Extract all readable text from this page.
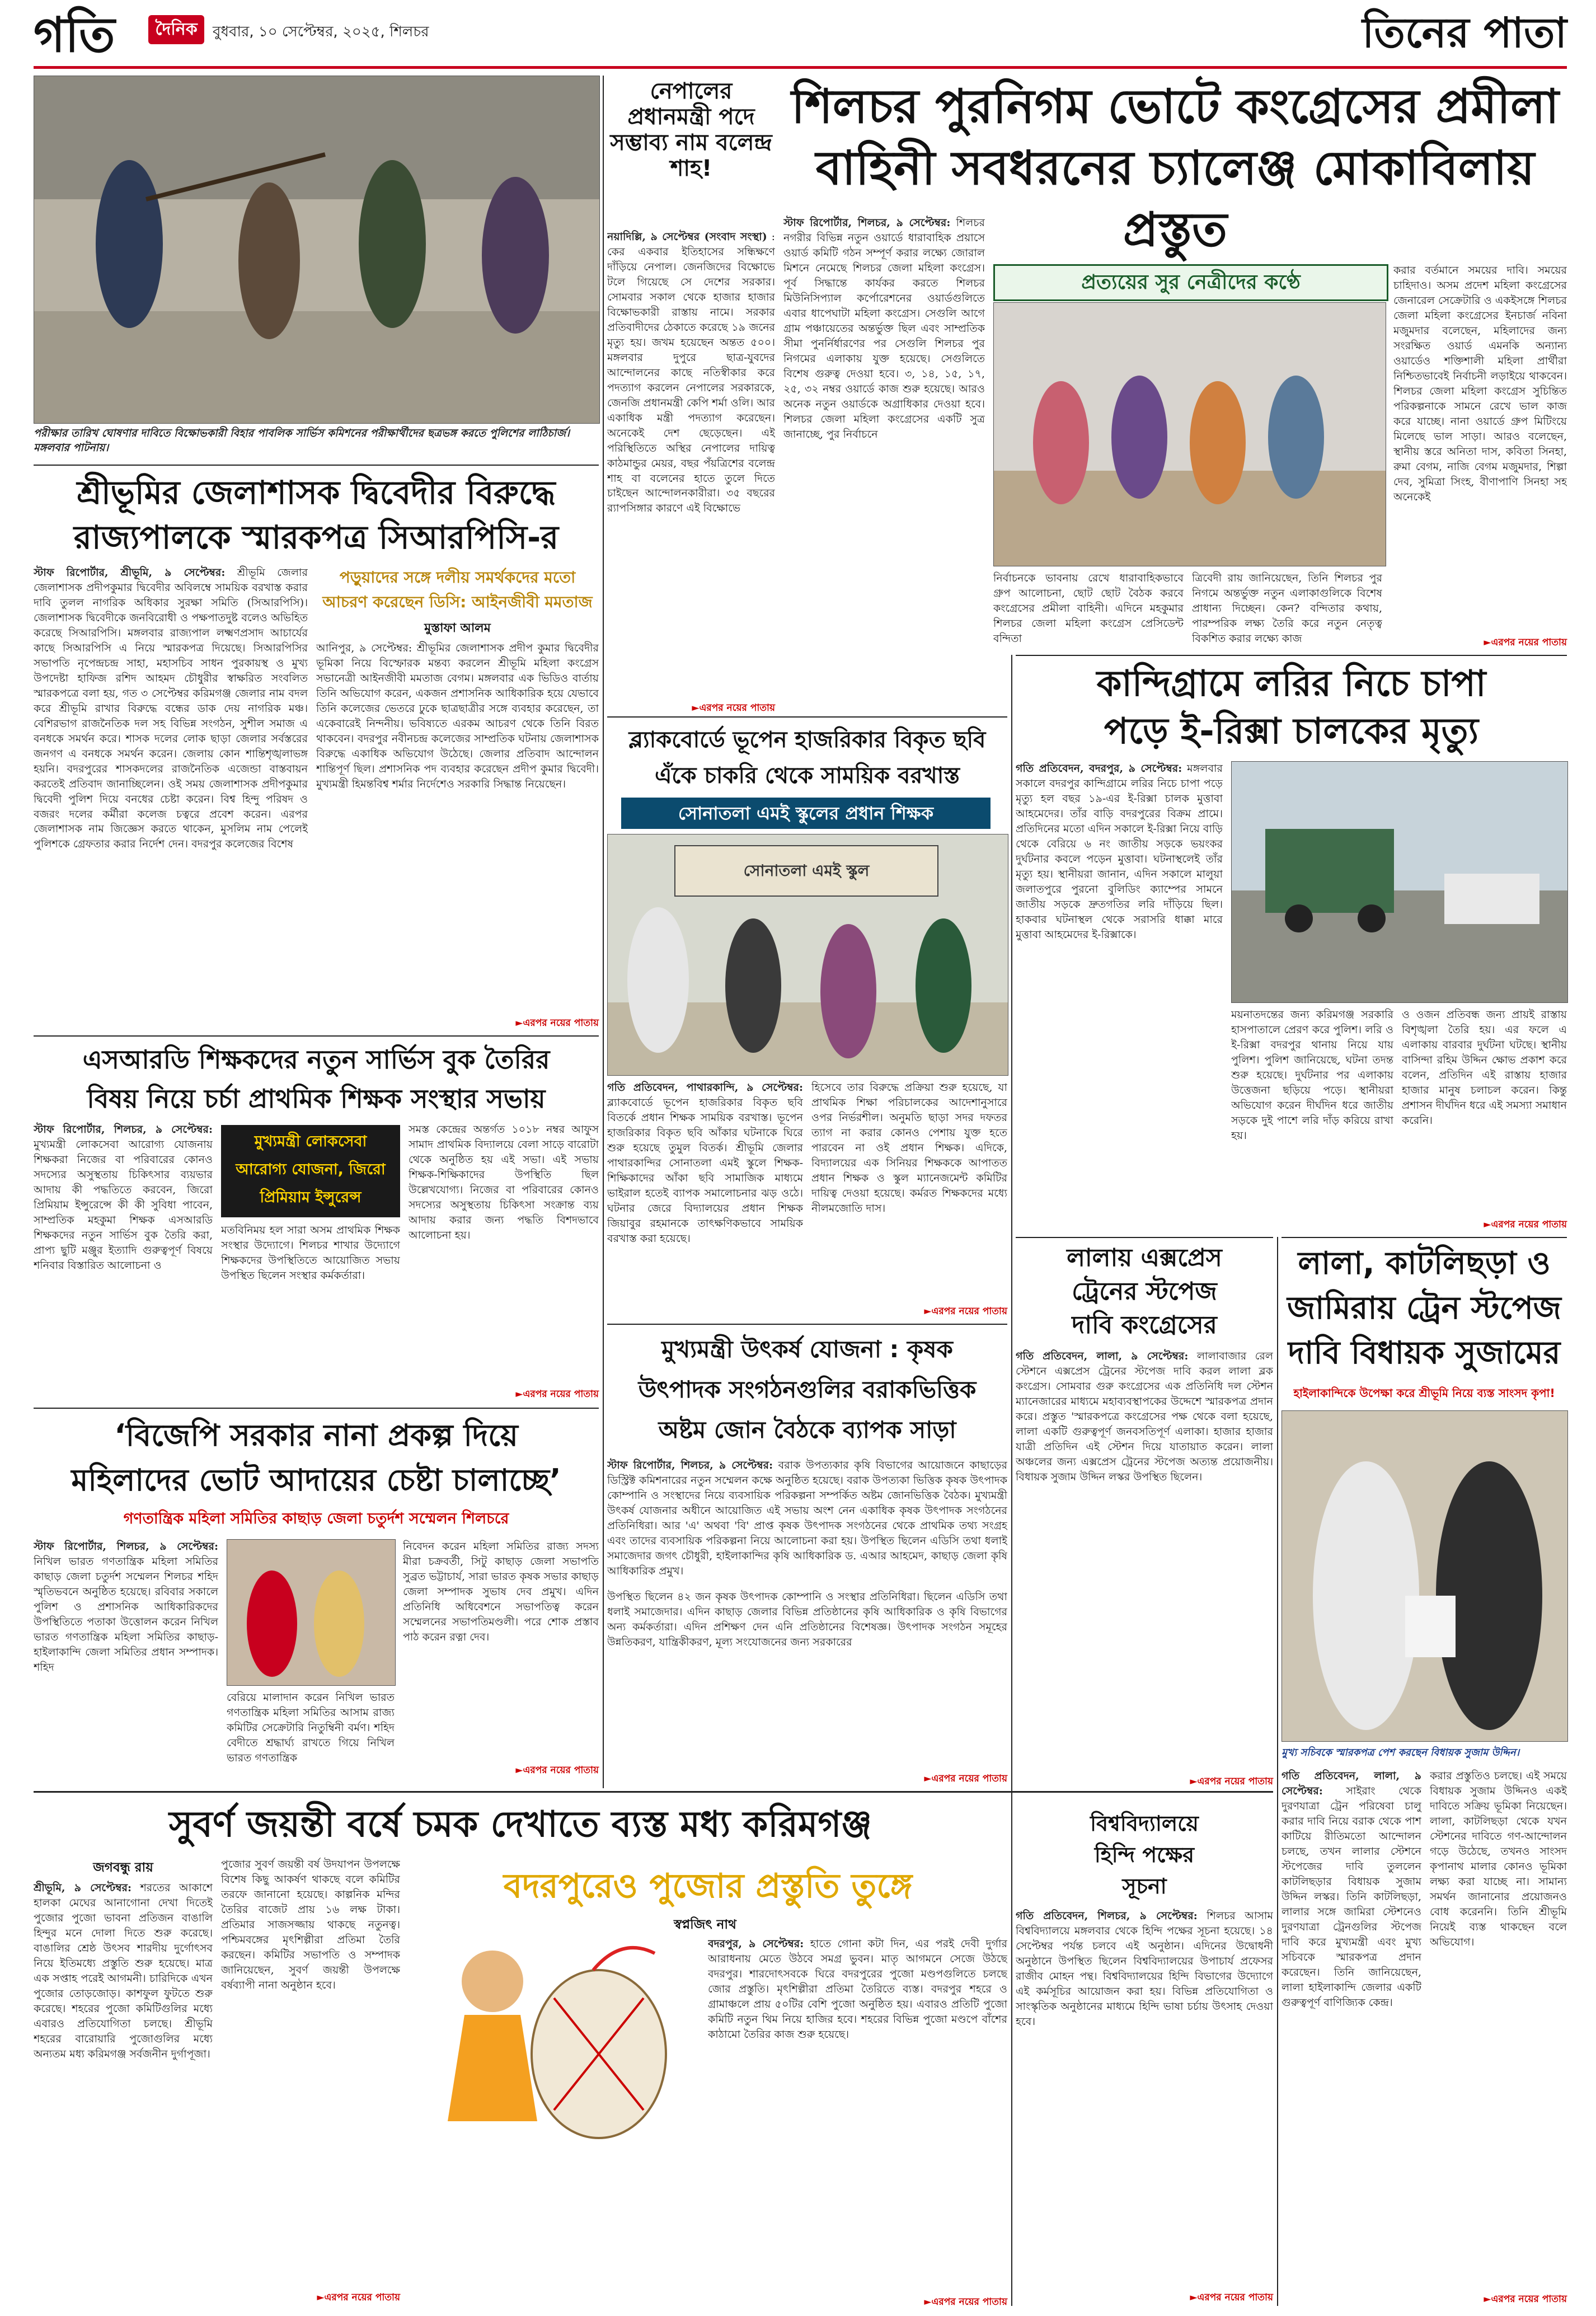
গতি	দৈনিক	বুধবার, ১০ সেপ্টেম্বর, ২০২৫, শিলচর	তিনের পাতা
পরীক্ষার তারিখ ঘোষণার দাবিতে বিক্ষোভকারী বিহার পাবলিক সার্ভিস কমিশনের পরীক্ষার্থীদের ছত্রভঙ্গ করতে পুলিশের লাঠিচার্জ। মঙ্গলবার পাটনায়।
নেপালের প্রধানমন্ত্রী পদে সম্ভাব্য নাম বলেন্দ্র শাহ!
নয়াদিল্লি, ৯ সেপ্টেম্বর (সংবাদ সংস্থা) : কের একবার ইতিহাসের সন্ধিক্ষণে দাঁড়িয়ে নেপাল। জেনজিদের বিক্ষোভে টলে গিয়েছে সে দেশের সরকার। সোমবার সকাল থেকে হাজার হাজার বিক্ষোভকারী রাস্তায় নামে। সরকার প্রতিবাদীদের ঠেকাতে করেছে ১৯ জনের মৃত্যু হয়। জখম হয়েছেন অন্তত ৫০০। মঙ্গলবার দুপুরে ছাত্র-যুবদের আন্দোলনের কাছে নতিস্বীকার করে পদত্যাগ করলেন নেপালের সরকারকে, জেনজি প্রধানমন্ত্রী কেপি শর্মা ওলি। আর একাধিক মন্ত্রী পদত্যাগ করেছেন। অনেকেই দেশ ছেড়েছেন। এই পরিস্থিতিতে অস্থির নেপালের দায়িত্ব কাঠমান্ডুর মেয়র, বছর পঁয়ত্রিশের বলেন্দ্র শাহ বা বলেনের হাতে তুলে দিতে চাইছেন আন্দোলনকারীরা। ৩৫ বছরের র‍্যাপসিঙ্গার কারণে এই বিক্ষোভে
►এরপর নয়ের পাতায়
শিলচর পুরনিগম ভোটে কংগ্রেসের প্রমীলা
বাহিনী সবধরনের চ্যালেঞ্জ মোকাবিলায় প্রস্তুত
স্টাফ রিপোর্টার, শিলচর, ৯ সেপ্টেম্বর: শিলচর নগরীর বিভিন্ন নতুন ওয়ার্ডে ধারাবাহিক প্রয়াসে ওয়ার্ড কমিটি গঠন সম্পূর্ণ করার লক্ষ্যে জোরাল মিশনে নেমেছে শিলচর জেলা মহিলা কংগ্রেস। পূর্ব সিদ্ধান্তে কার্যকর করতে শিলচর মিউনিসিপ্যাল কর্পোরেশনের ওয়ার্ডগুলিতে এবার ধাপেঘাটা মহিলা কংগ্রেস। সেগুলি আগে গ্রাম পঞ্চায়েতের অন্তর্ভুক্ত ছিল এবং সাম্প্রতিক সীমা পুনর্নির্ধারণের পর সেগুলি শিলচর পুর নিগমের এলাকায় যুক্ত হয়েছে। সেগুলিতে বিশেষ গুরুত্ব দেওয়া হবে। ৩, ১৪, ১৫, ১৭, ২৫, ৩২ নম্বর ওয়ার্ডে কাজ শুরু হয়েছে। আরও অনেক নতুন ওয়ার্ডকে অগ্রাধিকার দেওয়া হবে। শিলচর জেলা মহিলা কংগ্রেসের একটি সুত্র জানাচ্ছে, পুর নির্বাচনে
প্রত্যয়ের সুর নেত্রীদের কণ্ঠে
নির্বাচনকে ভাবনায় রেখে ধারাবাহিকভাবে গ্রুপ আলোচনা, ছোট ছোট বৈঠক করবে কংগ্রেসের প্রমীলা বাহিনী। এদিনে মহকুমার শিলচর জেলা মহিলা কংগ্রেস প্রেসিডেন্ট বন্দিতা
ত্রিবেদী রায় জানিয়েছেন, তিনি শিলচর পুর নিগমে অন্তর্ভুক্ত নতুন এলাকাগুলিকে বিশেষ প্রাধান্য দিচ্ছেন। কেন? বন্দিতার কথায়, পারম্পরিক লক্ষ্য তৈরি করে নতুন নেতৃত্ব বিকশিত করার লক্ষ্যে কাজ
করার বর্তমানে সময়ের দাবি। সময়ের চাহিদাও। অসম প্রদেশ মহিলা কংগ্রেসের জেনারেল সেক্রেটারি ও একইসঙ্গে শিলচর জেলা মহিলা কংগ্রেসের ইনচার্জ নবিনা মজুমদার বলেছেন, মহিলাদের জন্য সংরক্ষিত ওয়ার্ড এমনকি অন্যান্য ওয়ার্ডেও শক্তিশালী মহিলা প্রার্থীরা নিশ্চিতভাবেই নির্বাচনী লড়াইয়ে থাকবেন। শিলচর জেলা মহিলা কংগ্রেস সুচিন্তিত পরিকল্পনাকে সামনে রেখে ভাল কাজ করে যাচ্ছে। নানা ওয়ার্ডে গ্রুপ মিটিংয়ে মিলেছে ভাল সাড়া। আরও বলেছেন, স্থানীয় স্তরে অনিতা দাস, কবিতা সিনহা, রুমা বেগম, নাজি বেগম মজুমদার, শিল্পা দেব, সুমিত্রা সিংহ, বীণাপাণি সিনহা সহ অনেকেই
►এরপর নয়ের পাতায়
শ্রীভূমির জেলাশাসক দ্বিবেদীর বিরুদ্ধে
রাজ্যপালকে স্মারকপত্র সিআরপিসি-র
স্টাফ রিপোর্টার, শ্রীভূমি, ৯ সেপ্টেম্বর: শ্রীভূমি জেলার জেলাশাসক প্রদীপকুমার দ্বিবেদীর অবিলম্বে সাময়িক বরখাস্ত করার দাবি তুলল নাগরিক অধিকার সুরক্ষা সমিতি (সিআরপিসি)। জেলাশাসক দ্বিবেদীকে জনবিরোধী ও পক্ষপাতদুষ্ট বলেও অভিহিত করেছে সিআরপিসি। মঙ্গলবার রাজ্যপাল লক্ষ্মণপ্রসাদ আচার্যের কাছে সিআরপিসি এ নিয়ে স্মারকপত্র দিয়েছে। সিআরপিসির সভাপতি নৃপেন্দ্রচন্দ্র সাহা, মহাসচিব সাধন পুরকায়স্থ ও মুখ্য উপদেষ্টা হাফিজ রশিদ আহমদ চৌধুরীর স্বাক্ষরিত সংবলিত স্মারকপত্রে বলা হয়, গত ৩ সেপ্টেম্বর করিমগঞ্জ জেলার নাম বদল করে শ্রীভূমি রাখার বিরুদ্ধে বন্ধের ডাক দেয় নাগরিক মঞ্চ। বেশিরভাগ রাজনৈতিক দল সহ বিভিন্ন সংগঠন, সুশীল সমাজ এ বনধকে সমর্থন করে। শাসক দলের লোক ছাড়া জেলার সর্বস্তরের জনগণ এ বনধকে সমর্থন করেন। জেলায় কোন শান্তিশৃঙ্খলাভঙ্গ হয়নি। বদরপুরের শাসকদলের রাজনৈতিক এজেন্ডা বাস্তবায়ন করতেই প্রতিবাদ জানাচ্ছিলেন। ওই সময় জেলাশাসক প্রদীপকুমার দ্বিবেদী পুলিশ দিয়ে বনধের চেষ্টা করেন। বিশ্ব হিন্দু পরিষদ ও বজরং দলের কর্মীরা কলেজ চত্বরে প্রবেশ করেন। এরপর জেলাশাসক নাম জিজ্ঞেস করতে থাকেন, মুসলিম নাম পেলেই পুলিশকে গ্রেফতার করার নির্দেশ দেন। বদরপুর কলেজের বিশেষ
পড়ুয়াদের সঙ্গে দলীয় সমর্থকদের মতো
আচরণ করেছেন ডিসি: আইনজীবী মমতাজ
মুস্তাফা আলম
আনিপুর, ৯ সেপ্টেম্বর: শ্রীভূমির জেলাশাসক প্রদীপ কুমার দ্বিবেদীর ভূমিকা নিয়ে বিস্ফোরক মন্তব্য করলেন শ্রীভূমি মহিলা কংগ্রেস সভানেত্রী আইনজীবী মমতাজ বেগম। মঙ্গলবার এক ভিডিও বার্তায় তিনি অভিযোগ করেন, একজন প্রশাসনিক আধিকারিক হয়ে যেভাবে তিনি কলেজের ভেতরে ঢুকে ছাত্রছাত্রীর সঙ্গে ব্যবহার করেছেন, তা একেবারেই নিন্দনীয়। ভবিষ্যতে এরকম আচরণ থেকে তিনি বিরত থাকবেন। বদরপুর নবীনচন্দ্র কলেজের সাম্প্রতিক ঘটনায় জেলাশাসক বিরুদ্ধে একাধিক অভিযোগ উঠেছে। জেলার প্রতিবাদ আন্দোলন শান্তিপূর্ণ ছিল। প্রশাসনিক পদ ব্যবহার করেছেন প্রদীপ কুমার দ্বিবেদী। মুখ্যমন্ত্রী হিমন্তবিশ্ব শর্মার নির্দেশেও সরকারি সিদ্ধান্ত নিয়েছেন।
►এরপর নয়ের পাতায়
ব্ল্যাকবোর্ডে ভূপেন হাজরিকার বিকৃত ছবি
এঁকে চাকরি থেকে সাময়িক বরখাস্ত
সোনাতলা এমই স্কুলের প্রধান শিক্ষক
সোনাতলা এমই স্কুল
গতি প্রতিবেদন, পাথারকান্দি, ৯ সেপ্টেম্বর: ব্ল্যাকবোর্ডে ভূপেন হাজরিকার বিকৃত ছবি বিতর্কে প্রধান শিক্ষক সাময়িক বরখাস্ত। ভূপেন হাজরিকার বিকৃত ছবি আঁকার ঘটনাকে ঘিরে শুরু হয়েছে তুমুল বিতর্ক। শ্রীভূমি জেলার পাথারকান্দির সোনাতলা এমই স্কুলে শিক্ষক-শিক্ষিকাদের আঁকা ছবি সামাজিক মাধ্যমে ভাইরাল হতেই ব্যাপক সমালোচনার ঝড় ওঠে। ঘটনার জেরে বিদ্যালয়ের প্রধান শিক্ষক জিয়াবুর রহমানকে তাৎক্ষণিকভাবে সাময়িক বরখাস্ত করা হয়েছে।
হিসেবে তার বিরুদ্ধে প্রক্রিয়া শুরু হয়েছে, যা প্রাথমিক শিক্ষা পরিচালকের আদেশানুসারে ওপর নির্ভরশীল। অনুমতি ছাড়া সদর দফতর ত্যাগ না করার কোনও পেশায় যুক্ত হতে পারবেন না ওই প্রধান শিক্ষক। এদিকে, বিদ্যালয়ের এক সিনিয়র শিক্ষককে আপাতত প্রধান শিক্ষক ও স্কুল ম্যানেজমেন্ট কমিটির দায়িত্ব দেওয়া হয়েছে। কর্মরত শিক্ষকদের মধ্যে নীলমজোতি দাস।
►এরপর নয়ের পাতায়
কান্দিগ্রামে লরির নিচে চাপা
পড়ে ই-রিক্সা চালকের মৃত্যু
গতি প্রতিবেদন, বদরপুর, ৯ সেপ্টেম্বর: মঙ্গলবার সকালে বদরপুর কান্দিগ্রামে লরির নিচে চাপা পড়ে মৃত্যু হল বছর ১৯-এর ই-রিক্সা চালক মুত্তাবা আহমেদের। তাঁর বাড়ি বদরপুরের বিক্রম প্রামে। প্রতিদিনের মতো এদিন সকালে ই-রিক্সা নিয়ে বাড়ি থেকে বেরিয়ে ৬ নং জাতীয় সড়কে ভয়ংকর দুর্ঘটনার কবলে পড়েন মুত্তাবা। ঘটনাস্থলেই তাঁর মৃত্যু হয়। স্থানীয়রা জানান, এদিন সকালে মালুয়া জলাতপুরে পুরনো বুলিডিং ক্যাম্পের সামনে জাতীয় সড়কে দ্রুতগতির লরি দাঁড়িয়ে ছিল। হাকবার ঘটনাস্থল থেকে সরাসরি ধাক্কা মারে মুত্তাবা আহমেদের ই-রিক্সাকে।
ময়নাতদন্তের জন্য করিমগঞ্জ সরকারি হাসপাতালে প্রেরণ করে পুলিশ। লরি ও ই-রিক্সা বদরপুর থানায় নিয়ে যায় পুলিশ। পুলিশ জানিয়েছে, ঘটনা তদন্ত শুরু হয়েছে। দুর্ঘটনার পর এলাকায় উত্তেজনা ছড়িয়ে পড়ে। স্থানীয়রা অভিযোগ করেন দীর্ঘদিন ধরে জাতীয় সড়কে দুই পাশে লরি দাঁড় করিয়ে রাখা হয়।
ও ওজন প্রতিবন্ধ জন্য প্রায়ই রাস্তায় বিশৃঙ্খলা তৈরি হয়। এর ফলে এ এলাকায় বারবার দুর্ঘটনা ঘটছে। স্থানীয় বাসিন্দা রহিম উদ্দিন ক্ষোভ প্রকাশ করে বলেন, প্রতিদিন এই রাস্তায় হাজার হাজার মানুষ চলাচল করেন। কিন্তু প্রশাসন দীর্ঘদিন ধরে এই সমস্যা সমাধান করেনি।
►এরপর নয়ের পাতায়
এসআরডি শিক্ষকদের নতুন সার্ভিস বুক তৈরির
বিষয় নিয়ে চর্চা প্রাথমিক শিক্ষক সংস্থার সভায়
স্টাফ রিপোর্টার, শিলচর, ৯ সেপ্টেম্বর: মুখ্যমন্ত্রী লোকসেবা আরোগ্য যোজনায় শিক্ষকরা নিজের বা পরিবারের কোনও সদস্যের অসুস্থতায় চিকিৎসার ব্যয়ভার আদায় কী পদ্ধতিতে করবেন, জিরো প্রিমিয়াম ইন্সুরেন্সে কী কী সুবিধা পাবেন, সাম্প্রতিক মহকুমা শিক্ষক এসআরডি শিক্ষকদের নতুন সার্ভিস বুক তৈরি করা, প্রাপ্য ছুটি মঞ্জুর ইত্যাদি গুরুত্বপূর্ণ বিষয়ে শনিবার বিস্তারিত আলোচনা ও
মুখ্যমন্ত্রী লোকসেবা
আরোগ্য যোজনা, জিরো
প্রিমিয়াম ইন্সুরেন্স
মতবিনিময় হল সারা অসম প্রাথমিক শিক্ষক সংস্থার উদ্যোগে। শিলচর শাখার উদ্যোগে শিক্ষকদের উপস্থিতিতে আয়োজিত সভায় উপস্থিত ছিলেন সংস্থার কর্মকর্তারা।
সমস্ত কেন্দ্রের অন্তর্গত ১০১৮ নম্বর আফুস সামাদ প্রাথমিক বিদ্যালয়ে বেলা সাড়ে বারোটা থেকে অনুষ্ঠিত হয় এই সভা। এই সভায় শিক্ষক-শিক্ষিকাদের উপস্থিতি ছিল উল্লেখযোগ্য। নিজের বা পরিবারের কোনও সদস্যের অসুস্থতায় চিকিৎসা সংক্রান্ত ব্যয় আদায় করার জন্য পদ্ধতি বিশদভাবে আলোচনা হয়।
►এরপর নয়ের পাতায়
মুখ্যমন্ত্রী উৎকর্ষ যোজনা : কৃষক
উৎপাদক সংগঠনগুলির বরাকভিত্তিক
অষ্টম জোন বৈঠকে ব্যাপক সাড়া
স্টাফ রিপোর্টার, শিলচর, ৯ সেপ্টেম্বর: বরাক উপত্যকার কৃষি বিভাগের আয়োজনে কাছাড়ের ডিস্ট্রিক্ট কমিশনারের নতুন সম্মেলন কক্ষে অনুষ্ঠিত হয়েছে। বরাক উপত্যকা ভিত্তিক কৃষক উৎপাদক কোম্পানি ও সংস্থাদের নিয়ে ব্যবসায়িক পরিকল্পনা সম্পর্কিত অষ্টম জোনভিত্তিক বৈঠক। মুখ্যমন্ত্রী উৎকর্ষ যোজনার অধীনে আয়োজিত এই সভায় অংশ নেন একাধিক কৃষক উৎপাদক সংগঠনের প্রতিনিধিরা। আর 'এ' অথবা 'বি' প্রাপ্ত কৃষক উৎপাদক সংগঠনের থেকে প্রাথমিক তথ্য সংগ্রহ এবং তাদের ব্যবসায়িক পরিকল্পনা নিয়ে আলোচনা করা হয়। উপস্থিত ছিলেন এডিসি তথা ধলাই সমাজেদার জগৎ চৌধুরী, হাইলাকান্দির কৃষি আধিকারিক ড. এআর আহমেদ, কাছাড় জেলা কৃষি আধিকারিক প্রমুখ।
উপস্থিত ছিলেন ৪২ জন কৃষক উৎপাদক কোম্পানি ও সংস্থার প্রতিনিধিরা। ছিলেন এডিসি তথা ধলাই সমাজেদার। এদিন কাছাড় জেলার বিভিন্ন প্রতিষ্ঠানের কৃষি আধিকারিক ও কৃষি বিভাগের অন্য কর্মকর্তারা। এদিন প্রশিক্ষণ দেন এনি প্রতিষ্ঠানের বিশেষজ্ঞ। উৎপাদক সংগঠন সমূহের উন্নতিকরণ, যান্ত্রিকীকরণ, মূল্য সংযোজনের জন্য সরকারের
►এরপর নয়ের পাতায়
লালায় এক্সপ্রেস
ট্রেনের স্টপেজ
দাবি কংগ্রেসের
গতি প্রতিবেদন, লালা, ৯ সেপ্টেম্বর: লালাবাজার রেল স্টেশনে এক্সপ্রেস ট্রেনের স্টপেজ দাবি করল লালা ব্লক কংগ্রেস। সোমবার গুরু কংগ্রেসের এক প্রতিনিধি দল স্টেশন ম্যানেজারের মাধ্যমে মহাব্যবস্থাপকের উদ্দেশে স্মারকপত্র প্রদান করে। প্রস্তুত 'স্মারকপত্রে কংগ্রেসের পক্ষ থেকে বলা হয়েছে, লালা একটি গুরুত্বপূর্ণ জনবসতিপূর্ণ এলাকা। হাজার হাজার যাত্রী প্রতিদিন এই স্টেশন দিয়ে যাতায়াত করেন। লালা অঞ্চলের জন্য এক্সপ্রেস ট্রেনের স্টপেজ অত্যন্ত প্রয়োজনীয়। বিধায়ক সুজাম উদ্দিন লস্কর উপস্থিত ছিলেন।
►এরপর নয়ের পাতায়
লালা, কাটলিছড়া ও
জামিরায় ট্রেন স্টপেজ
দাবি বিধায়ক সুজামের
হাইলাকান্দিকে উপেক্ষা করে শ্রীভূমি নিয়ে ব্যস্ত সাংসদ কৃপা!
মুখ্য সচিবকে স্মারকপত্র পেশ করছেন বিধায়ক সুজাম উদ্দিন।
‘বিজেপি সরকার নানা প্রকল্প দিয়ে
মহিলাদের ভোট আদায়ের চেষ্টা চালাচ্ছে’
গণতান্ত্রিক মহিলা সমিতির কাছাড় জেলা চতুর্দশ সম্মেলন শিলচরে
স্টাফ রিপোর্টার, শিলচর, ৯ সেপ্টেম্বর: নিখিল ভারত গণতান্ত্রিক মহিলা সমিতির কাছাড় জেলা চতুর্দশ সম্মেলন শিলচর শহিদ স্মৃতিভবনে অনুষ্ঠিত হয়েছে। রবিবার সকালে পুলিশ ও প্রশাসনিক আধিকারিকদের উপস্থিতিতে পতাকা উত্তোলন করেন নিখিল ভারত গণতান্ত্রিক মহিলা সমিতির কাছাড়-হাইলাকান্দি জেলা সমিতির প্রধান সম্পাদক। শহিদ
বেরিয়ে মালাদান করেন নিখিল ভারত গণতান্ত্রিক মহিলা সমিতির আসাম রাজ্য কমিটির সেক্রেটারি নিতুম্বিনী বর্মণ। শহিদ বেদীতে শ্রদ্ধার্ঘ্য রাখতে গিয়ে নিখিল ভারত গণতান্ত্রিক
নিবেদন করেন মহিলা সমিতির রাজ্য সদস্য মীরা চক্রবর্তী, সিটু কাছাড় জেলা সভাপতি সুব্রত ভট্টাচার্য, সারা ভারত কৃষক সভার কাছাড় জেলা সম্পাদক সুভাষ দেব প্রমুখ। এদিন প্রতিনিধি অধিবেশনে সভাপতিত্ব করেন সম্মেলনের সভাপতিমণ্ডলী। পরে শোক প্রস্তাব পাঠ করেন রত্না দেব।
►এরপর নয়ের পাতায়
সুবর্ণ জয়ন্তী বর্ষে চমক দেখাতে ব্যস্ত মধ্য করিমগঞ্জ
জগবন্ধু রায়
শ্রীভূমি, ৯ সেপ্টেম্বর: শরতের আকাশে হালকা মেঘের আনাগোনা দেখা দিতেই পুজোর পুজো ভাবনা প্রতিজন বাঙালি হিন্দুর মনে দোলা দিতে শুরু করেছে। বাঙালির শ্রেষ্ঠ উৎসব শারদীয় দুর্গোৎসব নিয়ে ইতিমধ্যে প্রস্তুতি শুরু হয়েছে। মাত্র এক সপ্তাহ পরেই আগমনী। চারিদিকে এখন পুজোর তোড়জোড়। কাশফুল ফুটতে শুরু করেছে। শহরের পুজো কমিটিগুলির মধ্যে এবারও প্রতিযোগিতা চলছে। শ্রীভূমি শহরের বারোয়ারি পুজোগুলির মধ্যে অন্যতম মধ্য করিমগঞ্জ সর্বজনীন দুর্গাপূজা।
পুজোর সুবর্ণ জয়ন্তী বর্ষ উদযাপন উপলক্ষে বিশেষ কিছু আকর্ষণ থাকছে বলে কমিটির তরফে জানানো হয়েছে। কাল্পনিক মন্দির তৈরির বাজেট প্রায় ১৬ লক্ষ টাকা। প্রতিমার সাজসজ্জায় থাকছে নতুনত্ব। পশ্চিমবঙ্গের মৃৎশিল্পীরা প্রতিমা তৈরি করছেন। কমিটির সভাপতি ও সম্পাদক জানিয়েছেন, সুবর্ণ জয়ন্তী উপলক্ষে বর্ষব্যাপী নানা অনুষ্ঠান হবে।
►এরপর নয়ের পাতায়
বদরপুরেও পুজোর প্রস্তুতি তুঙ্গে
স্বপ্নজিৎ নাথ
বদরপুর, ৯ সেপ্টেম্বর: হাতে গোনা কটা দিন, এর পরই দেবী দুর্গার আরাধনায় মেতে উঠবে সমগ্র ভুবন। মাতৃ আগমনে সেজে উঠছে বদরপুর। শারদোৎসবকে ঘিরে বদরপুরের পুজো মণ্ডপগুলিতে চলছে জোর প্রস্তুতি। মৃৎশিল্পীরা প্রতিমা তৈরিতে ব্যস্ত। বদরপুর শহরে ও গ্রামাঞ্চলে প্রায় ৫০টির বেশি পুজো অনুষ্ঠিত হয়। এবারও প্রতিটি পুজো কমিটি নতুন থিম নিয়ে হাজির হবে। শহরের বিভিন্ন পুজো মণ্ডপে বাঁশের কাঠামো তৈরির কাজ শুরু হয়েছে।
►এরপর নয়ের পাতায়
বিশ্ববিদ্যালয়ে
হিন্দি পক্ষের
সূচনা
গতি প্রতিবেদন, শিলচর, ৯ সেপ্টেম্বর: শিলচর আসাম বিশ্ববিদ্যালয়ে মঙ্গলবার থেকে হিন্দি পক্ষের সূচনা হয়েছে। ১৪ সেপ্টেম্বর পর্যন্ত চলবে এই অনুষ্ঠান। এদিনের উদ্বোধনী অনুষ্ঠানে উপস্থিত ছিলেন বিশ্ববিদ্যালয়ের উপাচার্য প্রফেসর রাজীব মোহন পন্থ। বিশ্ববিদ্যালয়ের হিন্দি বিভাগের উদ্যোগে এই কর্মসূচির আয়োজন করা হয়। বিভিন্ন প্রতিযোগিতা ও সাংস্কৃতিক অনুষ্ঠানের মাধ্যমে হিন্দি ভাষা চর্চায় উৎসাহ দেওয়া হবে।
►এরপর নয়ের পাতায়
গতি প্রতিবেদন, লালা, ৯ সেপ্টেম্বর: সাইরাং থেকে দুরণযাত্রা ট্রেন পরিষেবা চালু করার দাবি নিয়ে বরাক থেকে পাশ কাটিয়ে রীতিমতো আন্দোলন চলছে, তখন লালার স্টেশনে স্টপেজের দাবি তুললেন কাটলিছড়ার বিধায়ক সুজাম উদ্দিন লস্কর। তিনি কাটলিছড়া, লালার সঙ্গে জামিরা স্টেশনেও দুরণযাত্রা ট্রেনগুলির স্টপেজ দাবি করে মুখ্যমন্ত্রী এবং মুখ্য সচিবকে স্মারকপত্র প্রদান করেছেন। তিনি জানিয়েছেন, লালা হাইলাকান্দি জেলার একটি গুরুত্বপূর্ণ বাণিজ্যিক কেন্দ্র।
করার প্রস্তুতিও চলছে। এই সময়ে বিধায়ক সুজাম উদ্দিনও একই দাবিতে সক্রিয় ভূমিকা নিয়েছেন। লালা, কাটলিছড়া থেকে যখন স্টেশনের দাবিতে গণ-আন্দোলন গড়ে উঠেছে, তখনও সাংসদ কৃপানাথ মালার কোনও ভূমিকা লক্ষ্য করা যাচ্ছে না। সামান্য সমর্থন জানানোর প্রয়োজনও বোধ করেননি। তিনি শ্রীভূমি নিয়েই ব্যস্ত থাকছেন বলে অভিযোগ।
►এরপর নয়ের পাতায়
